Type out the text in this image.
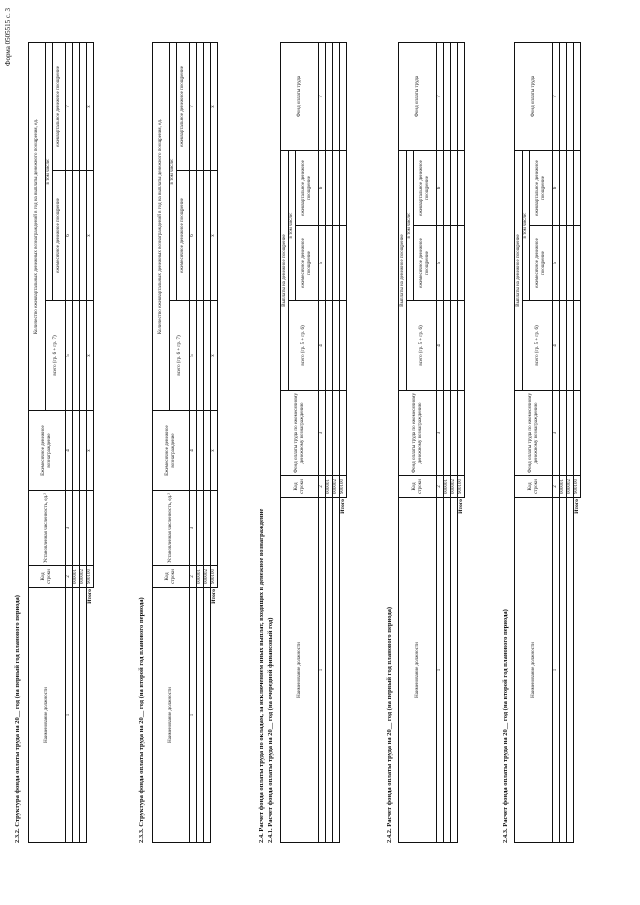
Форма 0505515 с. 3
2.3.2. Структура фонда оплаты труда на 20__ год (на первый год планового периода)	Наименование должности	Код строки	Установленная численность, ед.²	Ежемесячное денежное вознаграждение	Количество ежеквартальных денежных вознаграждений в год на выплаты денежного поощрения, ед.		
				всего (гр. 6 + гр. 7)	в том числе:	
					ежемесячное денежное поощрение	ежеквартальное денежное поощрение
1	2	3	4	5	6	7
	000001					
	000002					
Итого	900100		x	x	x	x
2.3.3. Структура фонда оплаты труда на 20__ год (на второй год планового периода)	Наименование должности	Код строки	Установленная численность, ед.²	Ежемесячное денежное вознаграждение	Количество ежеквартальных денежных вознаграждений в год на выплаты денежного поощрения, ед.		
				всего (гр. 6 + гр. 7)	в том числе:	
					ежемесячное денежное поощрение	ежеквартальное денежное поощрение
1	2	3	4	5	6	7
	000001					
	000002					
Итого	900100		x	x	x	x
2.4. Расчет фонда оплаты труда по окладам, за исключением иных выплат, входящих в денежное вознаграждение 2.4.1. Расчет фонда оплаты труда на 20__ год (на очередной финансовый год)	Наименование должности	Код строки	Фонд оплаты труда по ежемесячному денежному вознаграждению	Выплаты на денежное поощрение			Фонд оплаты труда
			всего (гр. 5 + гр. 6)	в том числе:		
				ежемесячное денежное поощрение	ежеквартальное денежное поощрение	
1	2	3	4	5	6	7
	000001					
	000002					
Итого	900100					
2.4.2. Расчет фонда оплаты труда на 20__ год (на первый год планового периода)	Наименование должности	Код строки	Фонд оплаты труда по ежемесячному денежному вознаграждению	Выплаты на денежное поощрение			Фонд оплаты труда
			всего (гр. 5 + гр. 6)	в том числе:		
				ежемесячное денежное поощрение	ежеквартальное денежное поощрение	
1	2	3	4	5	6	7
	000001					
	000002					
Итого	900100					
2.4.3. Расчет фонда оплаты труда на 20__ год (на второй год планового периода)	Наименование должности	Код строки	Фонд оплаты труда по ежемесячному денежному вознаграждению	Выплаты на денежное поощрение			Фонд оплаты труда
			всего (гр. 5 + гр. 6)	в том числе:		
				ежемесячное денежное поощрение	ежеквартальное денежное поощрение	
1	2	3	4	5	6	7
	000001					
	000002					
Итого	900100					
